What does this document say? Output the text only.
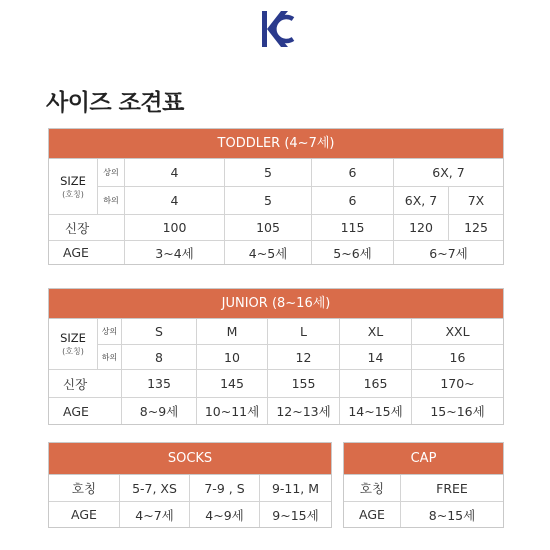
사이즈 조견표
TODDLER (4~7세)
SIZE
(호칭)
상의	4	5	6	6X, 7
하의	4	5	6	6X, 7	7X
신장	100	105	115	120	125
AGE	3~4세	4~5세	5~6세	6~7세
JUNIOR (8~16세)
SIZE
(호칭)
상의	S	M	L	XL	XXL
하의	8	10	12	14	16
신장	135	145	155	165	170~
AGE	8~9세	10~11세	12~13세	14~15세	15~16세
SOCKS
호칭	5-7, XS	7-9 , S	9-11, M
AGE	4~7세	4~9세	9~15세
CAP
호칭	FREE
AGE	8~15세
